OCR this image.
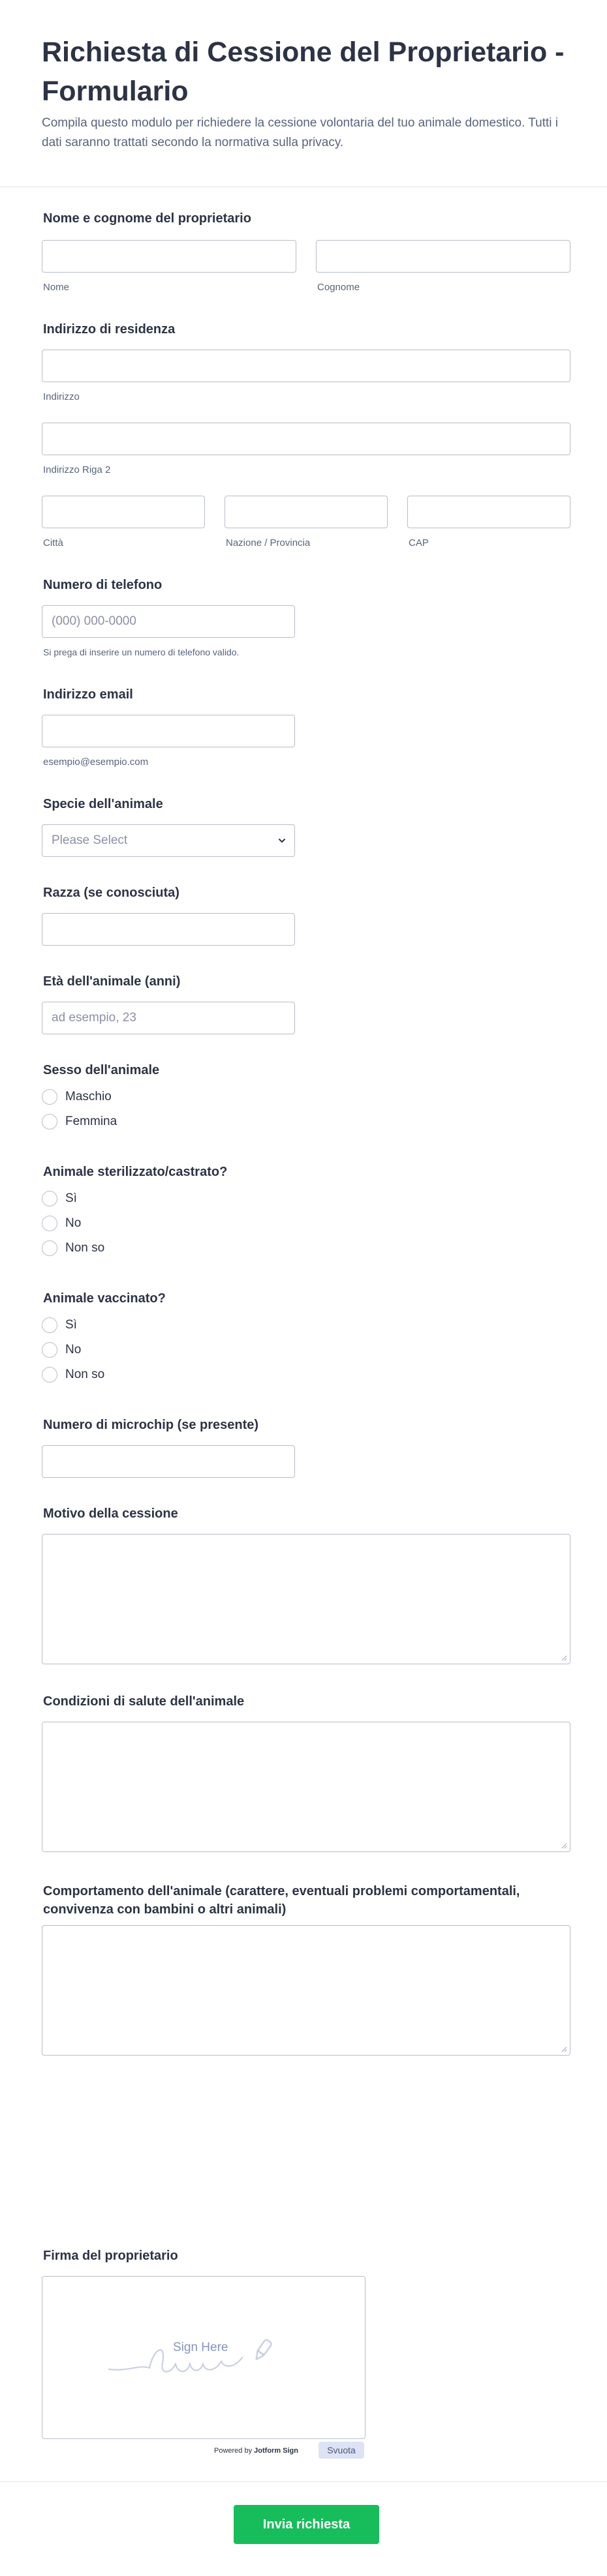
Richiesta di Cessione del Proprietario - Formulario
Compila questo modulo per richiedere la cessione volontaria del tuo animale domestico. Tutti i dati saranno trattati secondo la normativa sulla privacy.
Nome e cognome del proprietario
Nome	Cognome
Indirizzo di residenza
Indirizzo
Indirizzo Riga 2
Città	Nazione / Provincia	CAP
Numero di telefono
(000) 000-0000
Si prega di inserire un numero di telefono valido.
Indirizzo email
esempio@esempio.com
Specie dell'animale
Please Select
Razza (se conosciuta)
Età dell'animale (anni)
ad esempio, 23
Sesso dell'animale
Maschio
Femmina
Animale sterilizzato/castrato?
Sì
No
Non so
Animale vaccinato?
Sì
No
Non so
Numero di microchip (se presente)
Motivo della cessione
Condizioni di salute dell'animale
Comportamento dell'animale (carattere, eventuali problemi comportamentali,
convivenza con bambini o altri animali)
Firma del proprietario
Sign Here
Powered by Jotform Sign	Svuota
Invia richiesta
